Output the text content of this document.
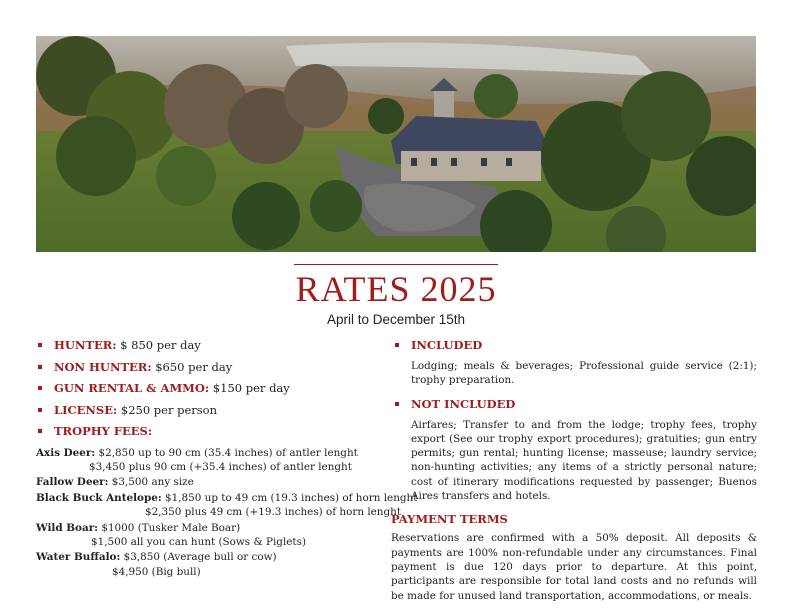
RATES 2025
April to December 15th
HUNTER: $ 850 per day
NON HUNTER: $650 per day
GUN RENTAL & AMMO: $150 per day
LICENSE: $250 per person
TROPHY FEES:
Axis Deer: $2,850 up to 90 cm (35.4 inches) of antler lenght
$3,450 plus 90 cm (+35.4 inches) of antler lenght
Fallow Deer: $3,500 any size
Black Buck Antelope: $1,850 up to 49 cm (19.3 inches) of horn lenght
$2,350 plus 49 cm (+19.3 inches) of horn lenght
Wild Boar: $1000 (Tusker Male Boar)
$1,500 all you can hunt (Sows & Piglets)
Water Buffalo: $3,850 (Average bull or cow)
$4,950 (Big bull)
INCLUDED
Lodging; meals & beverages; Professional guide service (2:1); trophy preparation.
NOT INCLUDED
Airfares; Transfer to and from the lodge; trophy fees, trophy export (See our trophy export procedures); gratuities; gun entry permits; gun rental; hunting license; masseuse; laundry service; non-hunting activities; any items of a strictly personal nature; cost of itinerary modifications requested by passenger; Buenos Aires transfers and hotels.
PAYMENT TERMS
Reservations are confirmed with a 50% deposit. All deposits & payments are 100% non-refundable under any circumstances. Final payment is due 120 days prior to departure. At this point, participants are responsible for total land costs and no refunds will be made for unused land transportation, accommodations, or meals.
